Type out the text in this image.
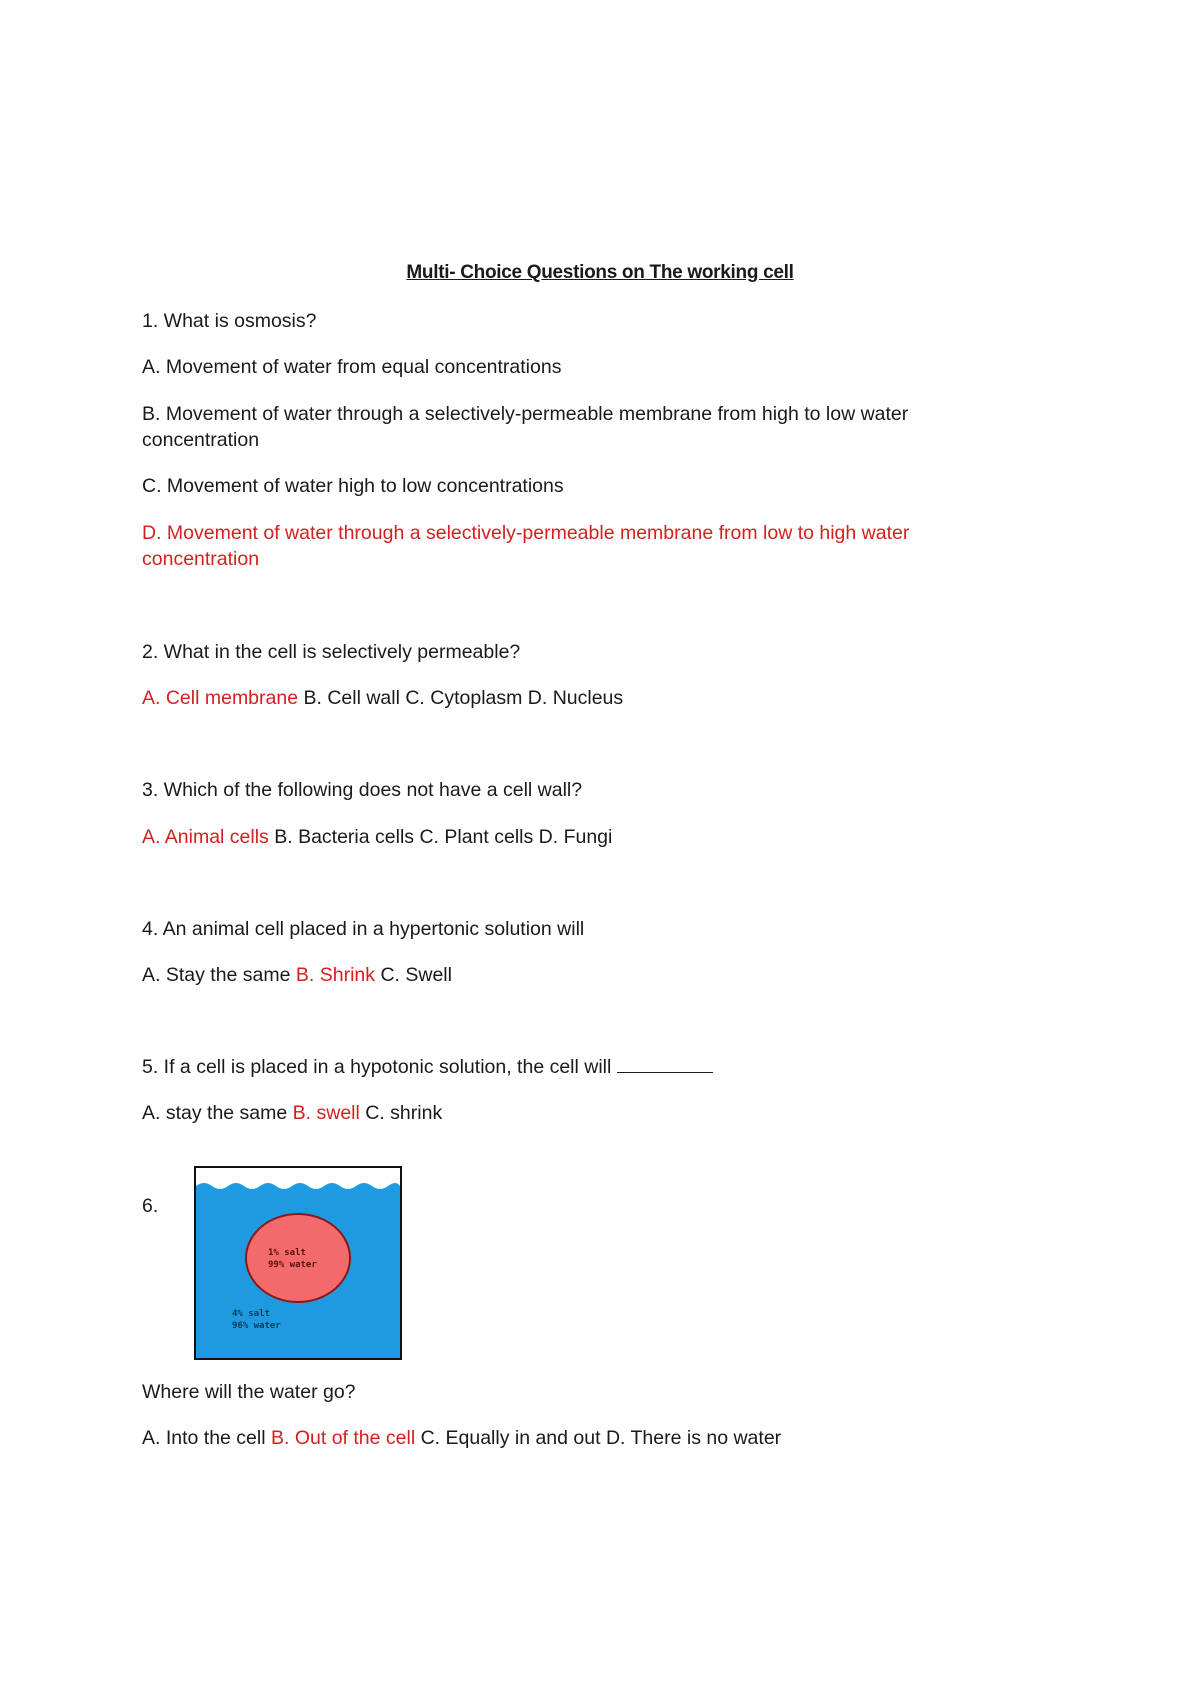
Multi- Choice Questions on The working cell
1. What is osmosis?
A. Movement of water from equal concentrations
B. Movement of water through a selectively-permeable membrane from high to low water concentration
C. Movement of water high to low concentrations
D. Movement of water through a selectively-permeable membrane from low to high water concentration
2. What in the cell is selectively permeable?
A. Cell membrane B. Cell wall C. Cytoplasm D. Nucleus
3. Which of the following does not have a cell wall?
A. Animal cells B. Bacteria cells C. Plant cells D. Fungi
4. An animal cell placed in a hypertonic solution will
A. Stay the same B. Shrink C. Swell
5. If a cell is placed in a hypotonic solution, the cell will
A. stay the same B. swell C. shrink
6.
1% salt
99% water
4% salt
96% water
Where will the water go?
A. Into the cell B. Out of the cell C. Equally in and out D. There is no water
